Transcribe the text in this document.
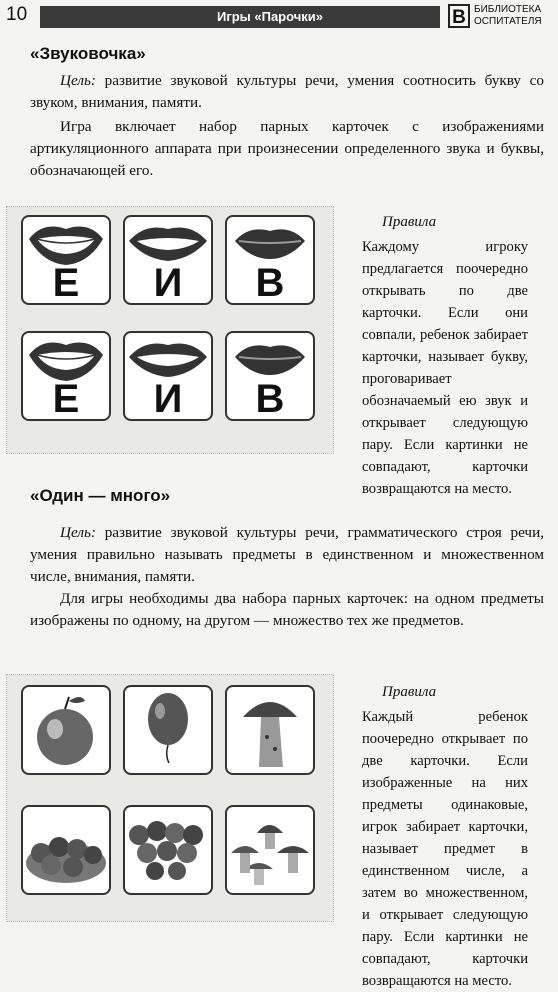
10	Игры «Парочки»	В БИБЛИОТЕКА
ОСПИТАТЕЛЯ
«Звуковочка»
Цель: развитие звуковой культуры речи, умения соотносить букву со звуком, внимания, памяти.
Игра включает набор парных карточек с изображениями артикуляционного аппарата при произнесении определенного звука и буквы, обозначающей его.
Е	И	В
Е	И	В
Правила
Каждому игроку предлагается поочередно открывать по две карточки. Если они совпали, ребенок забирает карточки, называет букву, проговаривает обозначаемый ею звук и открывает следующую пару. Если картинки не совпадают, карточки возвращаются на место.
«Один — много»
Цель: развитие звуковой культуры речи, грамматического строя речи, умения правильно называть предметы в единственном и множественном числе, внимания, памяти.
Для игры необходимы два набора парных карточек: на одном предметы изображены по одному, на другом — множество тех же предметов.
Правила
Каждый ребенок поочередно открывает по две карточки. Если изображенные на них предметы одинаковые, игрок забирает карточки, называет предмет в единственном числе, а затем во множественном, и открывает следующую пару. Если картинки не совпадают, карточки возвращаются на место.
